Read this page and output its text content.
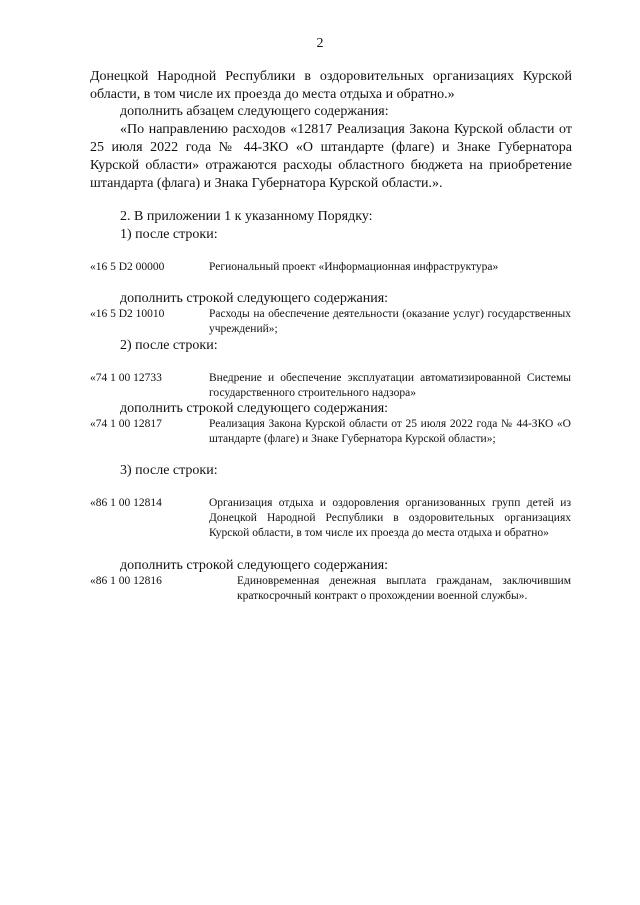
2
Донецкой Народной Республики в оздоровительных организациях Курской области, в том числе их проезда до места отдыха и обратно.»
дополнить абзацем следующего содержания:
«По направлению расходов «12817 Реализация Закона Курской области от 25 июля 2022 года № 44-ЗКО «О штандарте (флаге) и Знаке Губернатора Курской области» отражаются расходы областного бюджета на приобретение штандарта (флага) и Знака Губернатора Курской области.».
2. В приложении 1 к указанному Порядку:
1) после строки:
«16 5 D2 00000	Региональный проект «Информационная инфраструктура»
дополнить строкой следующего содержания:
«16 5 D2 10010	Расходы на обеспечение деятельности (оказание услуг) государственных учреждений»;
2) после строки:
«74 1 00 12733	Внедрение и обеспечение эксплуатации автоматизированной Системы государственного строительного надзора»
дополнить строкой следующего содержания:
«74 1 00 12817	Реализация Закона Курской области от 25 июля 2022 года № 44-ЗКО «О штандарте (флаге) и Знаке Губернатора Курской области»;
3) после строки:
«86 1 00 12814	Организация отдыха и оздоровления организованных групп детей из Донецкой Народной Республики в оздоровительных организациях Курской области, в том числе их проезда до места отдыха и обратно»
дополнить строкой следующего содержания:
«86 1 00 12816	Единовременная денежная выплата гражданам, заключившим краткосрочный контракт о прохождении военной службы».
